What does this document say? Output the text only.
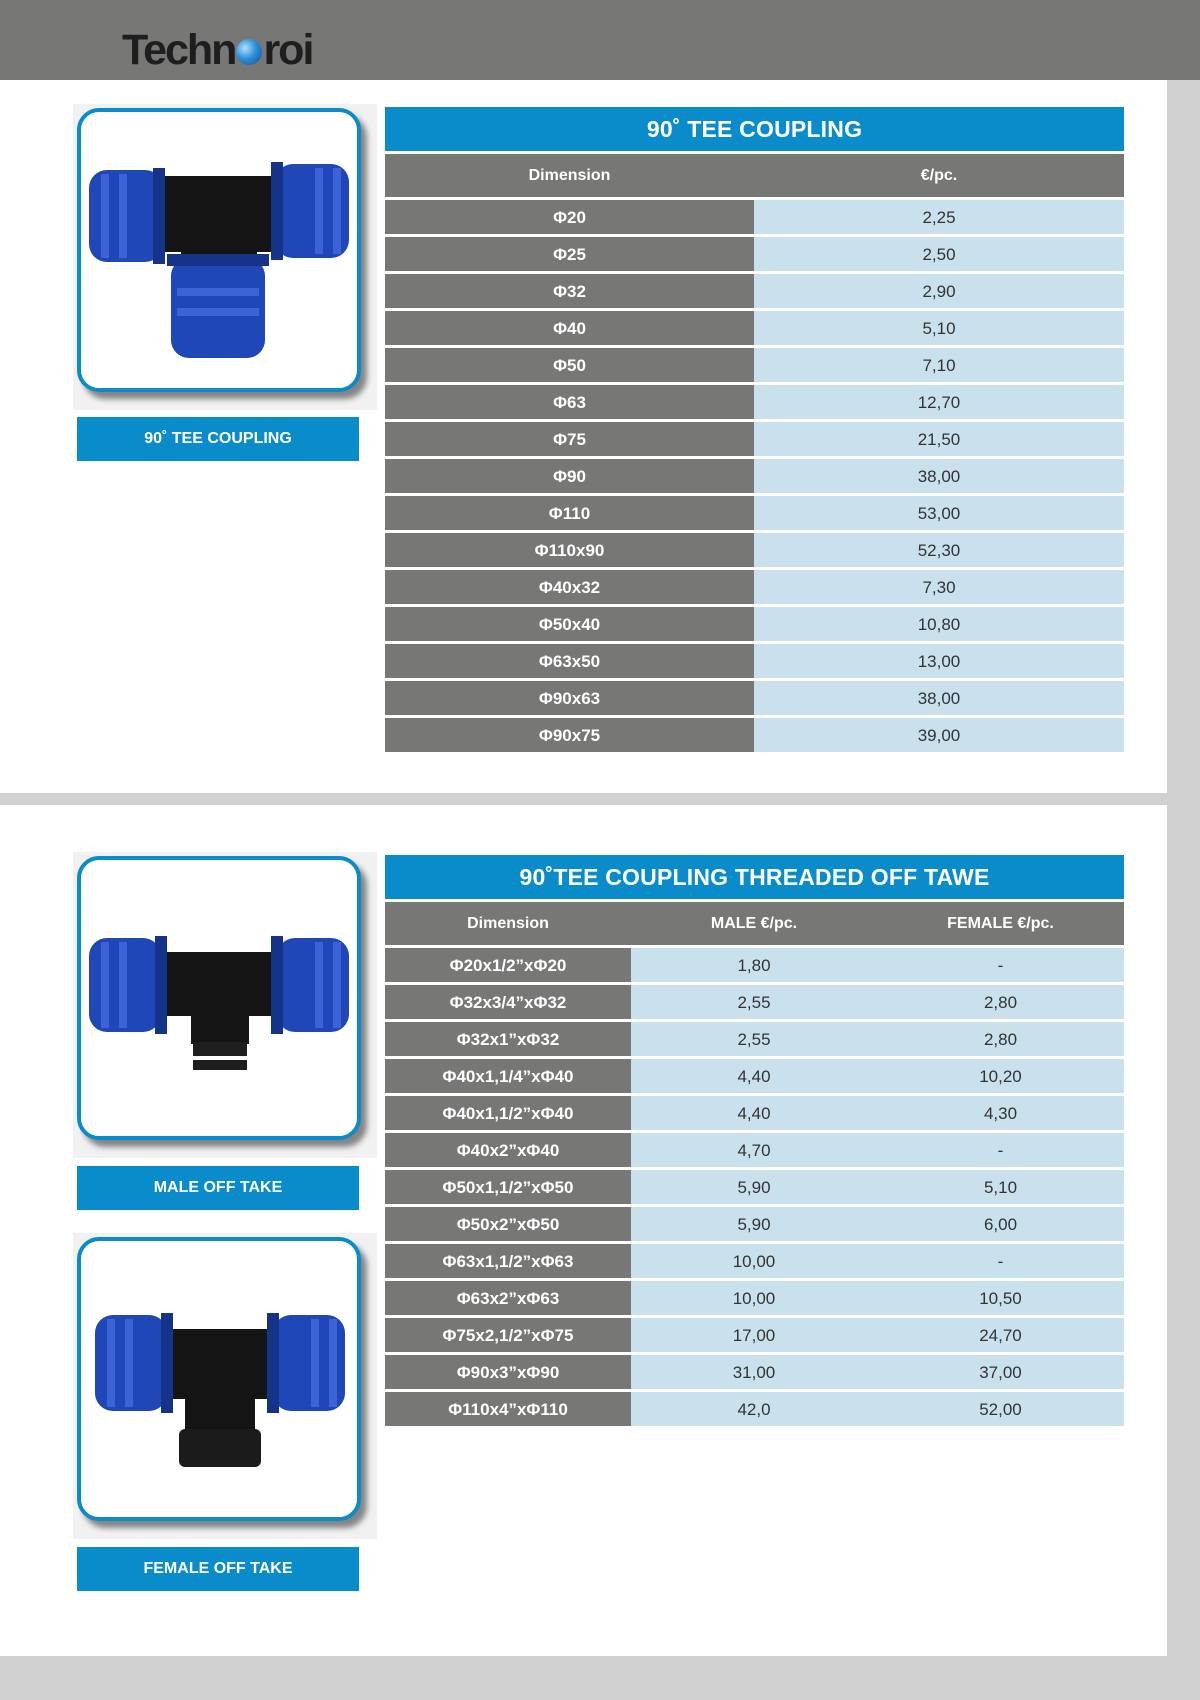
Techn roi
90˚ TEE COUPLING
90˚ TEE COUPLING
Dimension	€/pc.
Φ20	2,25
Φ25	2,50
Φ32	2,90
Φ40	5,10
Φ50	7,10
Φ63	12,70
Φ75	21,50
Φ90	38,00
Φ110	53,00
Φ110x90	52,30
Φ40x32	7,30
Φ50x40	10,80
Φ63x50	13,00
Φ90x63	38,00
Φ90x75	39,00
MALE OFF TAKE
FEMALE OFF TAKE
90˚TEE COUPLING THREADED OFF TAWE
Dimension	MALE €/pc.	FEMALE €/pc.
Φ20x1/2”xΦ20	1,80	-
Φ32x3/4”xΦ32	2,55	2,80
Φ32x1”xΦ32	2,55	2,80
Φ40x1,1/4”xΦ40	4,40	10,20
Φ40x1,1/2”xΦ40	4,40	4,30
Φ40x2”xΦ40	4,70	-
Φ50x1,1/2”xΦ50	5,90	5,10
Φ50x2”xΦ50	5,90	6,00
Φ63x1,1/2”xΦ63	10,00	-
Φ63x2”xΦ63	10,00	10,50
Φ75x2,1/2”xΦ75	17,00	24,70
Φ90x3”xΦ90	31,00	37,00
Φ110x4”xΦ110	42,0	52,00
